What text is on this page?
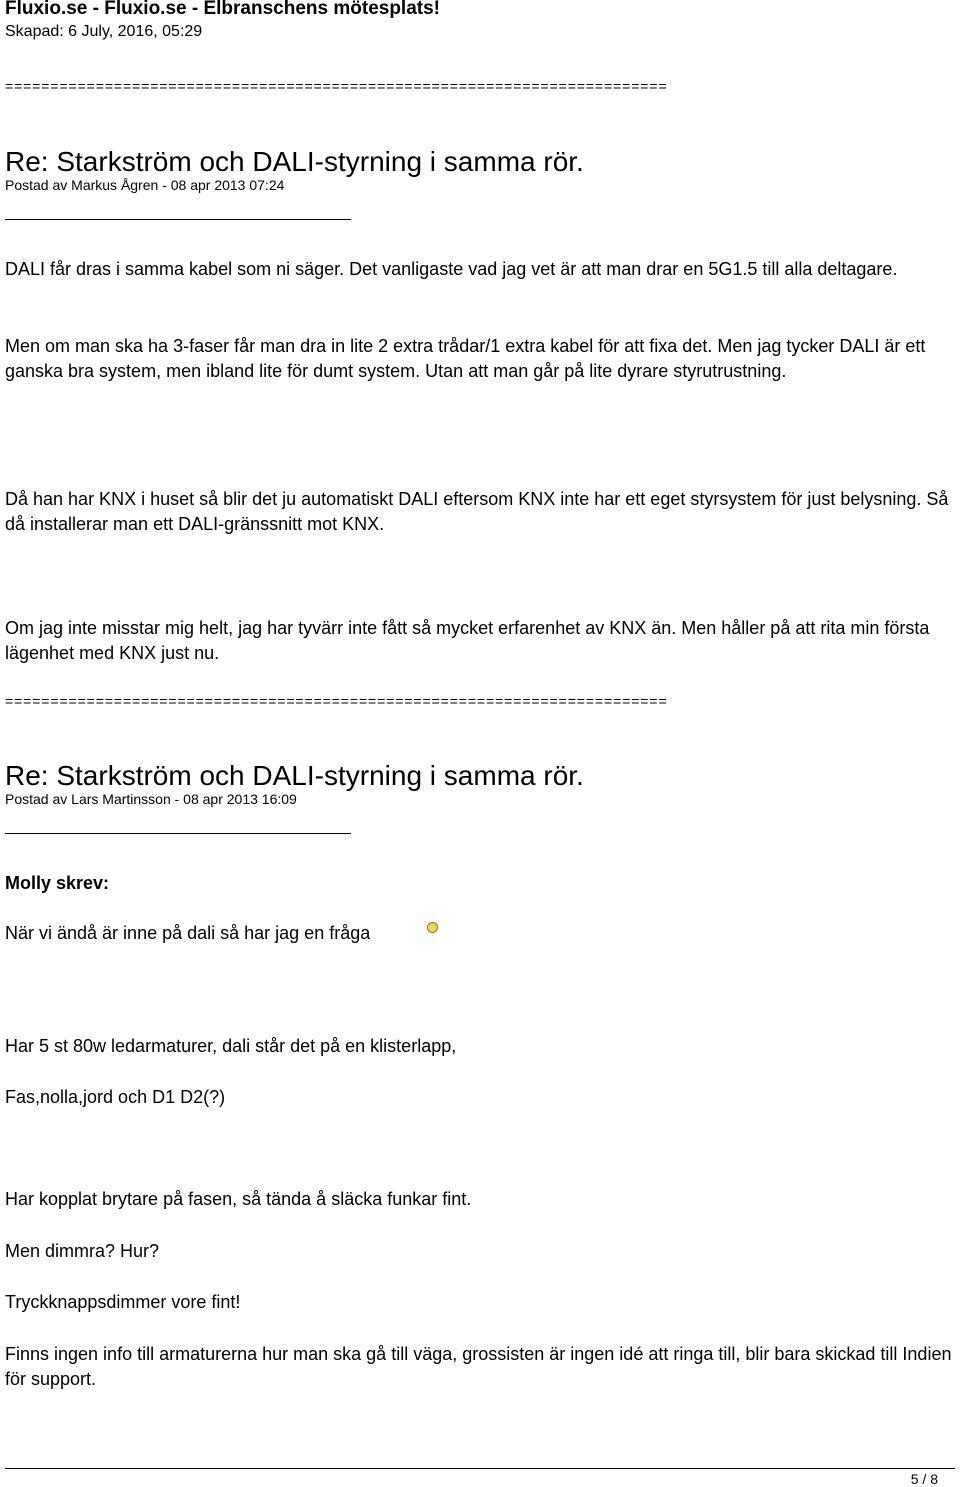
Fluxio.se - Fluxio.se - Elbranschens mötesplats!
Skapad: 6 July, 2016, 05:29
=========================================================================
Re: Starkström och DALI-styrning i samma rör.
Postad av Markus Ågren - 08 apr 2013 07:24
DALI får dras i samma kabel som ni säger. Det vanligaste vad jag vet är att man drar en 5G1.5 till alla deltagare.
Men om man ska ha 3-faser får man dra in lite 2 extra trådar/1 extra kabel för att fixa det. Men jag tycker DALI är ett ganska bra system, men ibland lite för dumt system. Utan att man går på lite dyrare styrutrustning.
Då han har KNX i huset så blir det ju automatiskt DALI eftersom KNX inte har ett eget styrsystem för just belysning. Så då installerar man ett DALI-gränssnitt mot KNX.
Om jag inte misstar mig helt, jag har tyvärr inte fått så mycket erfarenhet av KNX än. Men håller på att rita min första lägenhet med KNX just nu.
=========================================================================
Re: Starkström och DALI-styrning i samma rör.
Postad av Lars Martinsson - 08 apr 2013 16:09
Molly skrev:
När vi ändå är inne på dali så har jag en fråga
Har 5 st 80w ledarmaturer, dali står det på en klisterlapp,
Fas,nolla,jord och D1 D2(?)
Har kopplat brytare på fasen, så tända å släcka funkar fint.
Men dimmra? Hur?
Tryckknappsdimmer vore fint!
Finns ingen info till armaturerna hur man ska gå till väga, grossisten är ingen idé att ringa till, blir bara skickad till Indien för support.
5 / 8
